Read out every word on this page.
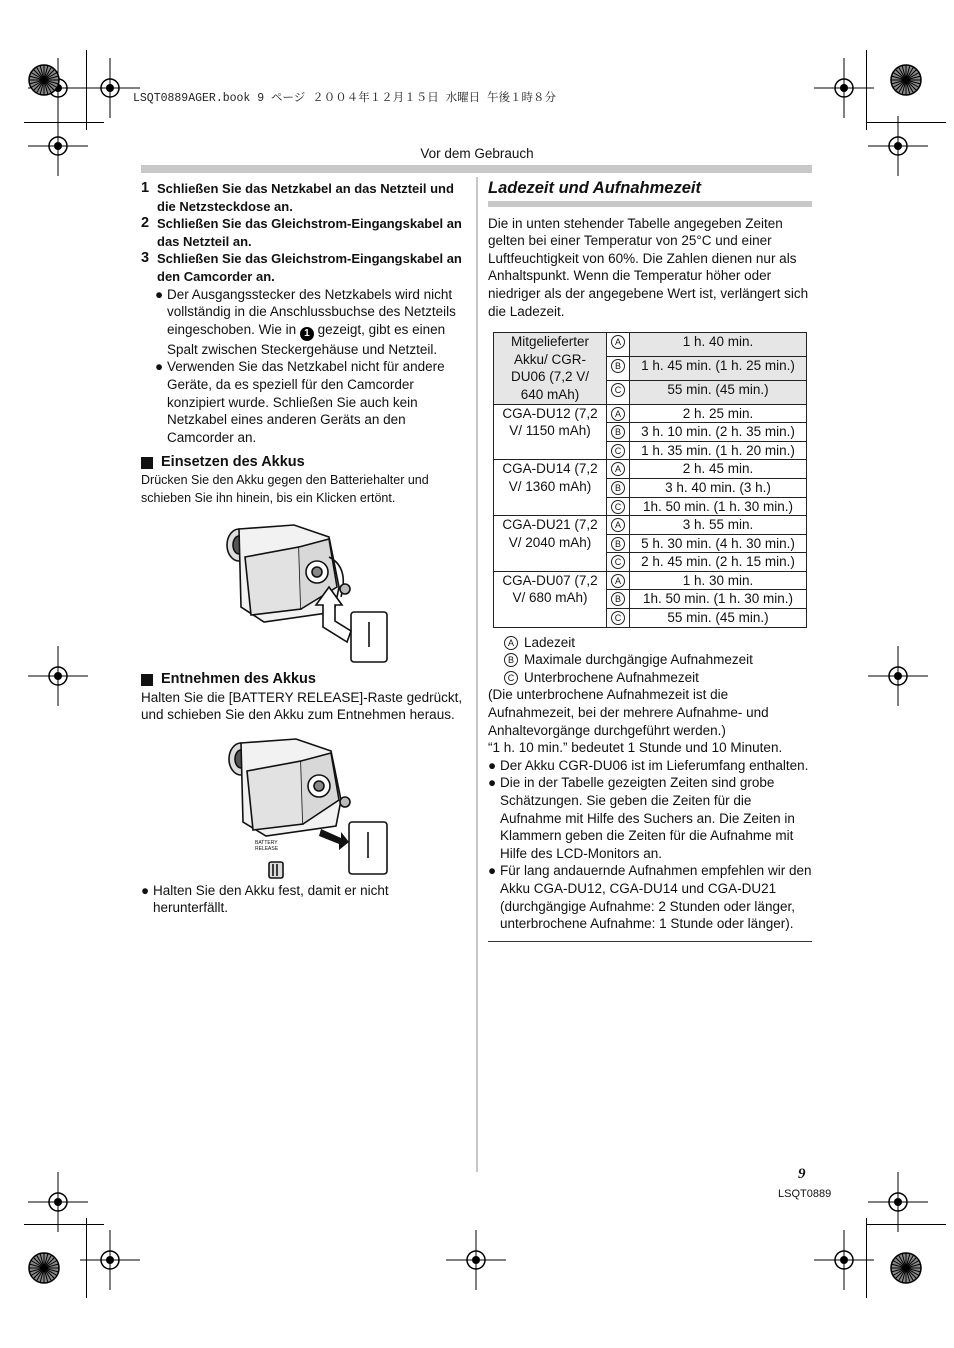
LSQT0889AGER.book 9 ページ ２００４年１２月１５日 水曜日 午後１時８分
Vor dem Gebrauch
1 Schließen Sie das Netzkabel an das Netzteil und die Netzsteckdose an.
2 Schließen Sie das Gleichstrom-Eingangskabel an das Netzteil an.
3 Schließen Sie das Gleichstrom-Eingangskabel an den Camcorder an.
● Der Ausgangsstecker des Netzkabels wird nicht vollständig in die Anschlussbuchse des Netzteils eingeschoben. Wie in 1 gezeigt, gibt es einen Spalt zwischen Steckergehäuse und Netzteil.
● Verwenden Sie das Netzkabel nicht für andere Geräte, da es speziell für den Camcorder konzipiert wurde. Schließen Sie auch kein Netzkabel eines anderen Geräts an den Camcorder an.
Einsetzen des Akkus
Drücken Sie den Akku gegen den Batteriehalter und schieben Sie ihn hinein, bis ein Klicken ertönt.
Entnehmen des Akkus
Halten Sie die [BATTERY RELEASE]-Raste gedrückt, und schieben Sie den Akku zum Entnehmen heraus.
BATTERY
RELEASE
● Halten Sie den Akku fest, damit er nicht herunterfällt.
Ladezeit und Aufnahmezeit
Die in unten stehender Tabelle angegeben Zeiten gelten bei einer Temperatur von 25°C und einer Luftfeuchtigkeit von 60%. Die Zahlen dienen nur als Anhaltspunkt. Wenn die Temperatur höher oder niedriger als der angegebene Wert ist, verlängert sich die Ladezeit.
Mitgelieferter Akku/ CGR-DU06 (7,2 V/ 640 mAh)	A	1 h. 40 min.
	B	1 h. 45 min. (1 h. 25 min.)
	C	55 min. (45 min.)
CGA-DU12 (7,2 V/ 1150 mAh)	A	2 h. 25 min.
	B	3 h. 10 min. (2 h. 35 min.)
	C	1 h. 35 min. (1 h. 20 min.)
CGA-DU14 (7,2 V/ 1360 mAh)	A	2 h. 45 min.
	B	3 h. 40 min. (3 h.)
	C	1h. 50 min. (1 h. 30 min.)
CGA-DU21 (7,2 V/ 2040 mAh)	A	3 h. 55 min.
	B	5 h. 30 min. (4 h. 30 min.)
	C	2 h. 45 min. (2 h. 15 min.)
CGA-DU07 (7,2 V/ 680 mAh)	A	1 h. 30 min.
	B	1h. 50 min. (1 h. 30 min.)
	C	55 min. (45 min.)
A Ladezeit
B Maximale durchgängige Aufnahmezeit
C Unterbrochene Aufnahmezeit
(Die unterbrochene Aufnahmezeit ist die Aufnahmezeit, bei der mehrere Aufnahme- und Anhaltevorgänge durchgeführt werden.)
“1 h. 10 min.” bedeutet 1 Stunde und 10 Minuten.
● Der Akku CGR-DU06 ist im Lieferumfang enthalten.
● Die in der Tabelle gezeigten Zeiten sind grobe Schätzungen. Sie geben die Zeiten für die Aufnahme mit Hilfe des Suchers an. Die Zeiten in Klammern geben die Zeiten für die Aufnahme mit Hilfe des LCD-Monitors an.
● Für lang andauernde Aufnahmen empfehlen wir den Akku CGA-DU12, CGA-DU14 und CGA-DU21 (durchgängige Aufnahme: 2 Stunden oder länger, unterbrochene Aufnahme: 1 Stunde oder länger).
9
LSQT0889
